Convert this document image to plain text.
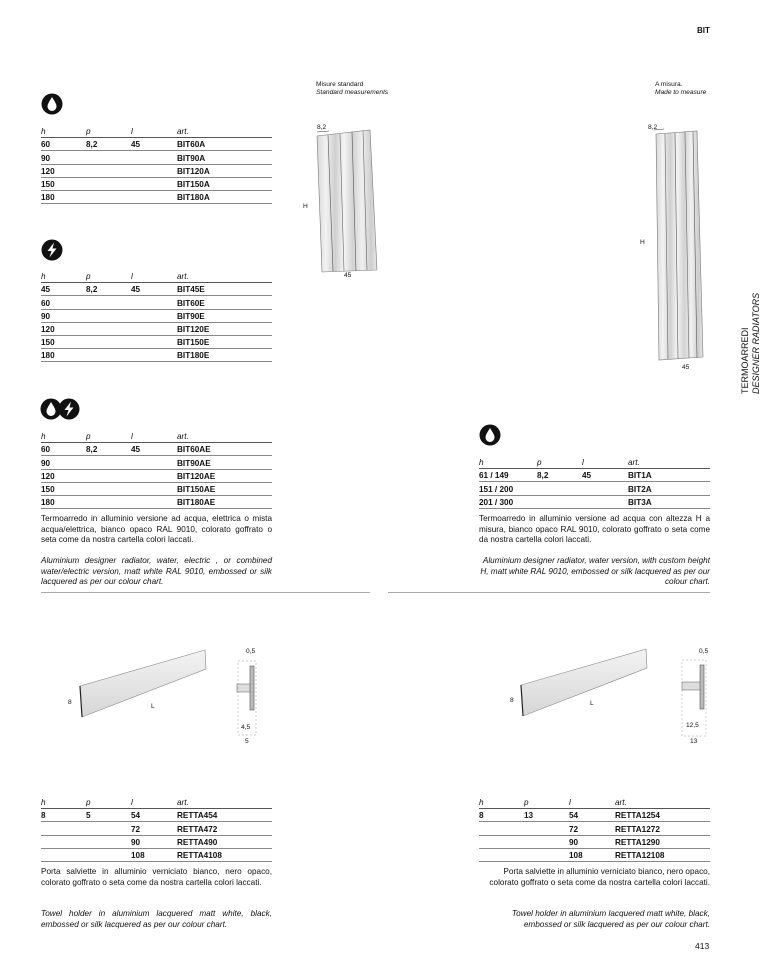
BIT
TERMOARREDI DESIGNER RADIATORS
Misure standard
Standard measurements
A misura.
Made to measure
h	p	l	art.
60	8,2	45	BIT60A
90			BIT90A
120			BIT120A
150			BIT150A
180			BIT180A
h	p	l	art.
45	8,2	45	BIT45E
60			BIT60E
90			BIT90E
120			BIT120E
150			BIT150E
180			BIT180E
h	p	l	art.
60	8,2	45	BIT60AE
90			BIT90AE
120			BIT120AE
150			BIT150AE
180			BIT180AE
h	p	l	art.
61 / 149	8,2	45	BIT1A
151 / 200			BIT2A
201 / 300			BIT3A
h	p	l	art.
8	5	54	RETTA454
		72	RETTA472
		90	RETTA490
		108	RETTA4108
h	p	l	art.
8	13	54	RETTA1254
		72	RETTA1272
		90	RETTA1290
		108	RETTA12108
Termoarredo in alluminio versione ad acqua, elettrica o mista acqua/elettrica, bianco opaco RAL 9010, colorato goffrato o seta come da nostra cartella colori laccati.
Aluminium designer radiator, water, electric , or combined water/electric version, matt white RAL 9010, embossed or silk lacquered as per our colour chart.
Termoarredo in alluminio versione ad acqua con altezza H a misura, bianco opaco RAL 9010, colorato goffrato o seta come da nostra cartella colori laccati.
Aluminium designer radiator, water version, with custom height H, matt white RAL 9010, embossed or silk lacquered as per our colour chart.
Porta salviette in alluminio verniciato bianco, nero opaco, colorato goffrato o seta come da nostra cartella colori laccati.
Towel holder in aluminium lacquered matt white, black, embossed or silk lacquered as per our colour chart.
Porta salviette in alluminio verniciato bianco, nero opaco, colorato goffrato o seta come da nostra cartella colori laccati.
Towel holder in aluminium lacquered matt white, black, embossed or silk lacquered as per our colour chart.
8,2
H
45
8,2
H
45
8
L
0,5
4,5
5
8	L
0,5
12,5
13
413
